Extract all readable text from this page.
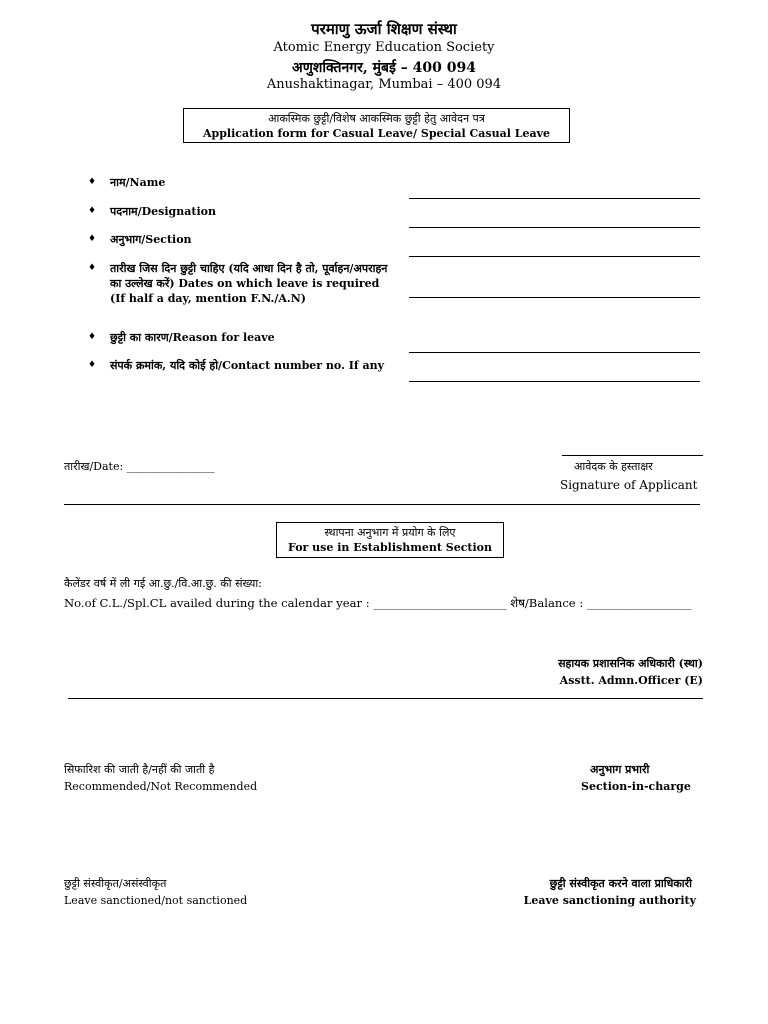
परमाणु ऊर्जा शिक्षण संस्था
Atomic Energy Education Society
अणुशक्तिनगर, मुंबई – 400 094
Anushaktinagar, Mumbai – 400 094
आकस्मिक छुट्टी/विशेष आकस्मिक छुट्टी हेतु आवेदन पत्र
Application form for Casual Leave/ Special Casual Leave
♦ नाम/Name
♦ पदनाम/Designation
♦ अनुभाग/Section
♦ तारीख जिस दिन छुट्टी चाहिए (यदि आधा दिन है तो, पूर्वाहन/अपराहन का उल्लेख करें) Dates on which leave is required (If half a day, mention F.N./A.N)
♦ छुट्टी का कारण/Reason for leave
♦ संपर्क क्रमांक, यदि कोई हो/Contact number no. If any
तारीख/Date: ________________	आवेदक के हस्ताक्षर
Signature of Applicant
स्थापना अनुभाग में प्रयोग के लिए
For use in Establishment Section
कैलेंडर वर्ष में ली गई आ.छु./वि.आ.छु. की संख्या:
No.of C.L./Spl.CL availed during the calendar year : _______________________ शेष/Balance : __________________
सहायक प्रशासनिक अधिकारी (स्था)
Asstt. Admn.Officer (E)
सिफारिश की जाती है/नहीं की जाती है
Recommended/Not Recommended
अनुभाग प्रभारी
Section-in-charge
छुट्टी संस्वीकृत/असंस्वीकृत
Leave sanctioned/not sanctioned
छुट्टी संस्वीकृत करने वाला प्राधिकारी
Leave sanctioning authority
